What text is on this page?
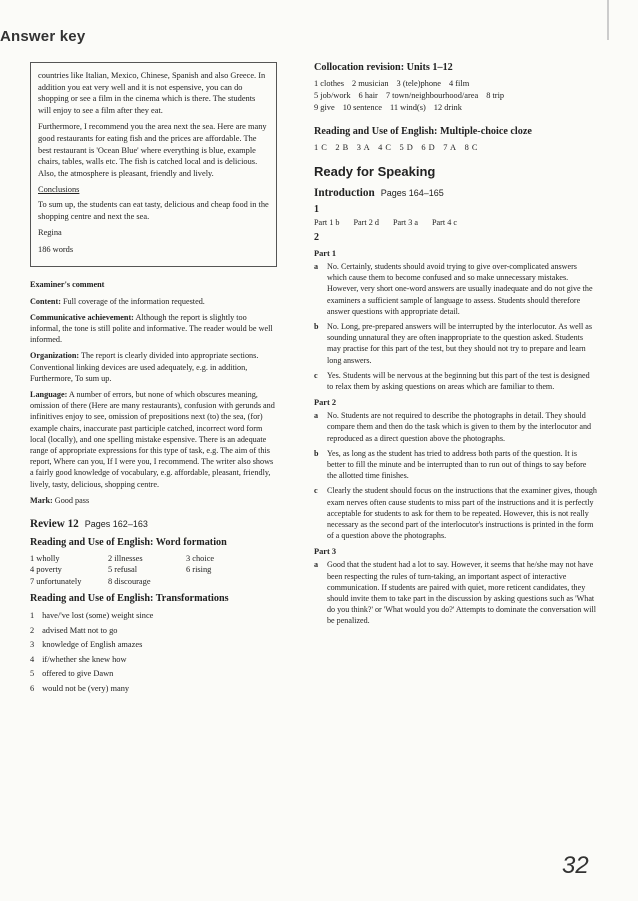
Answer key

countries like Italian, Mexico, Chinese, Spanish and also Greece. In addition you eat very well and it is not espensive, you can do shopping or see a film in the cinema which is there. The students will enjoy to see a film after they eat.

Furthermore, I recommend you the area next the sea. Here are many good restaurants for eating fish and the prices are affordable. The best restaurant is 'Ocean Blue' where everything is blue, example chairs, tables, walls etc. The fish is catched local and is delicious. Also, the atmosphere is pleasant, friendly and lively.

Conclusions

To sum up, the students can eat tasty, delicious and cheap food in the shopping centre and next the sea.

Regina

186 words

Examiner's comment

Content: Full coverage of the information requested.

Communicative achievement: Although the report is slightly too informal, the tone is still polite and informative. The reader would be well informed.

Organization: The report is clearly divided into appropriate sections. Conventional linking devices are used adequately, e.g. in addition, Furthermore, To sum up.

Language: A number of errors, but none of which obscures meaning, omission of there (Here are many restaurants), confusion with gerunds and infinitives enjoy to see, omission of prepositions next (to) the sea, (for) example chairs, inaccurate past participle catched, incorrect word form local (locally), and one spelling mistake espensive. There is an adequate range of appropriate expressions for this type of task, e.g. The aim of this report, Where can you, If I were you, I recommend. The writer also shows a fairly good knowledge of vocabulary, e.g. affordable, pleasant, friendly, lively, tasty, delicious, shopping centre.

Mark: Good pass

Review 12 Pages 162–163
Reading and Use of English: Word formation
1 wholly	2 illnesses	3 choice
4 poverty	5 refusal	6 rising
7 unfortunately	8 discourage
Reading and Use of English: Transformations
1 have/'ve lost (some) weight since
2 advised Matt not to go
3 knowledge of English amazes
4 if/whether she knew how
5 offered to give Dawn
6 would not be (very) many
Collocation revision: Units 1–12
1 clothes 2 musician 3 (tele)phone 4 film
5 job/work 6 hair 7 town/neighbourhood/area 8 trip
9 give 10 sentence 11 wind(s) 12 drink
Reading and Use of English: Multiple-choice cloze
1 C 2 B 3 A 4 C 5 D 6 D 7 A 8 C
Ready for Speaking
Introduction Pages 164–165
1
Part 1 b Part 2 d Part 3 a Part 4 c
2
Part 1
a	No. Certainly, students should avoid trying to give over-complicated answers which cause them to become confused and so make unnecessary mistakes. However, very short one-word answers are usually inadequate and do not give the examiners a sufficient sample of language to assess. Students should therefore answer questions with appropriate detail.
b	No. Long, pre-prepared answers will be interrupted by the interlocutor. As well as sounding unnatural they are often inappropriate to the question asked. Students may practise for this part of the test, but they should not try to prepare and learn long answers.
c	Yes. Students will be nervous at the beginning but this part of the test is designed to relax them by asking questions on areas which are familiar to them.
Part 2
a	No. Students are not required to describe the photographs in detail. They should compare them and then do the task which is given to them by the interlocutor and reproduced as a direct question above the photographs.
b	Yes, as long as the student has tried to address both parts of the question. It is better to fill the minute and be interrupted than to run out of things to say before the allotted time finishes.
c	Clearly the student should focus on the instructions that the examiner gives, though exam nerves often cause students to miss part of the instructions and it is perfectly acceptable for students to ask for them to be repeated. However, this is not really necessary as the second part of the interlocutor's instructions is printed in the form of a question above the photographs.
Part 3
a	Good that the student had a lot to say. However, it seems that he/she may not have been respecting the rules of turn-taking, an important aspect of interactive communication. If students are paired with quiet, more reticent candidates, they should invite them to take part in the discussion by asking questions such as 'What do you think?' or 'What would you do?' Attempts to dominate the conversation will be penalized.
32
